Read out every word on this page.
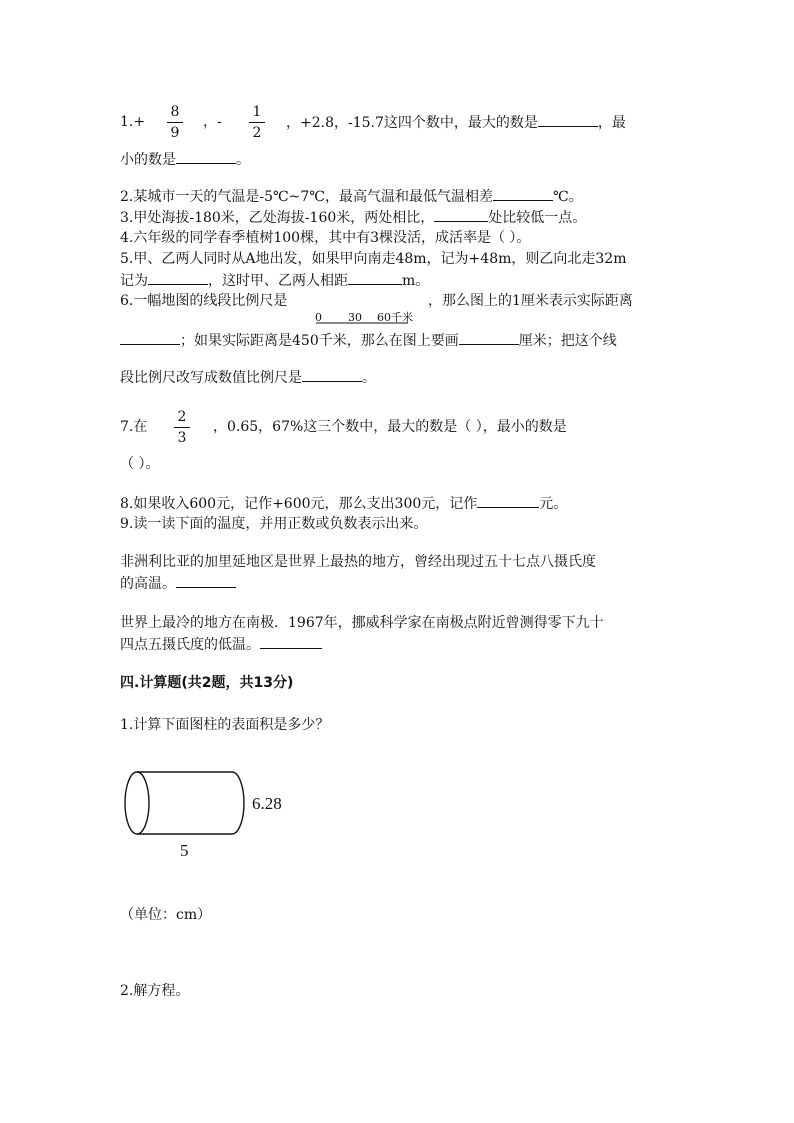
1.+
8
9
，-
1
2
，+2.8，-15.7这四个数中，最大的数是	，最
小的数是	。
2.某城市一天的气温是-5℃~7℃，最高气温和最低气温相差	℃。
3.甲处海拔-180米，乙处海拔-160米，两处相比，	处比较低一点。
4.六年级的同学春季植树100棵，其中有3棵没活，成活率是（ ）。
5.甲、乙两人同时从A地出发，如果甲向南走48m，记为+48m，则乙向北走32m
记为	，这时甲、乙两人相距	m。
6.一幅地图的线段比例尺是	，那么图上的1厘米表示实际距离
0 30 60千米
；如果实际距离是450千米，那么在图上要画	厘米；把这个线
段比例尺改写成数值比例尺是	。
7.在
2
3
，0.65，67%这三个数中，最大的数是（ ），最小的数是
（ ）。
8.如果收入600元，记作+600元，那么支出300元，记作	元。
9.读一读下面的温度，并用正数或负数表示出来。
非洲利比亚的加里延地区是世界上最热的地方，曾经出现过五十七点八摄氏度
的高温。
世界上最冷的地方在南极．1967年，挪威科学家在南极点附近曾测得零下九十
四点五摄氏度的低温。
四.计算题(共2题，共13分)
1.计算下面图柱的表面积是多少？
6.28
5
（单位：cm）
2.解方程。
